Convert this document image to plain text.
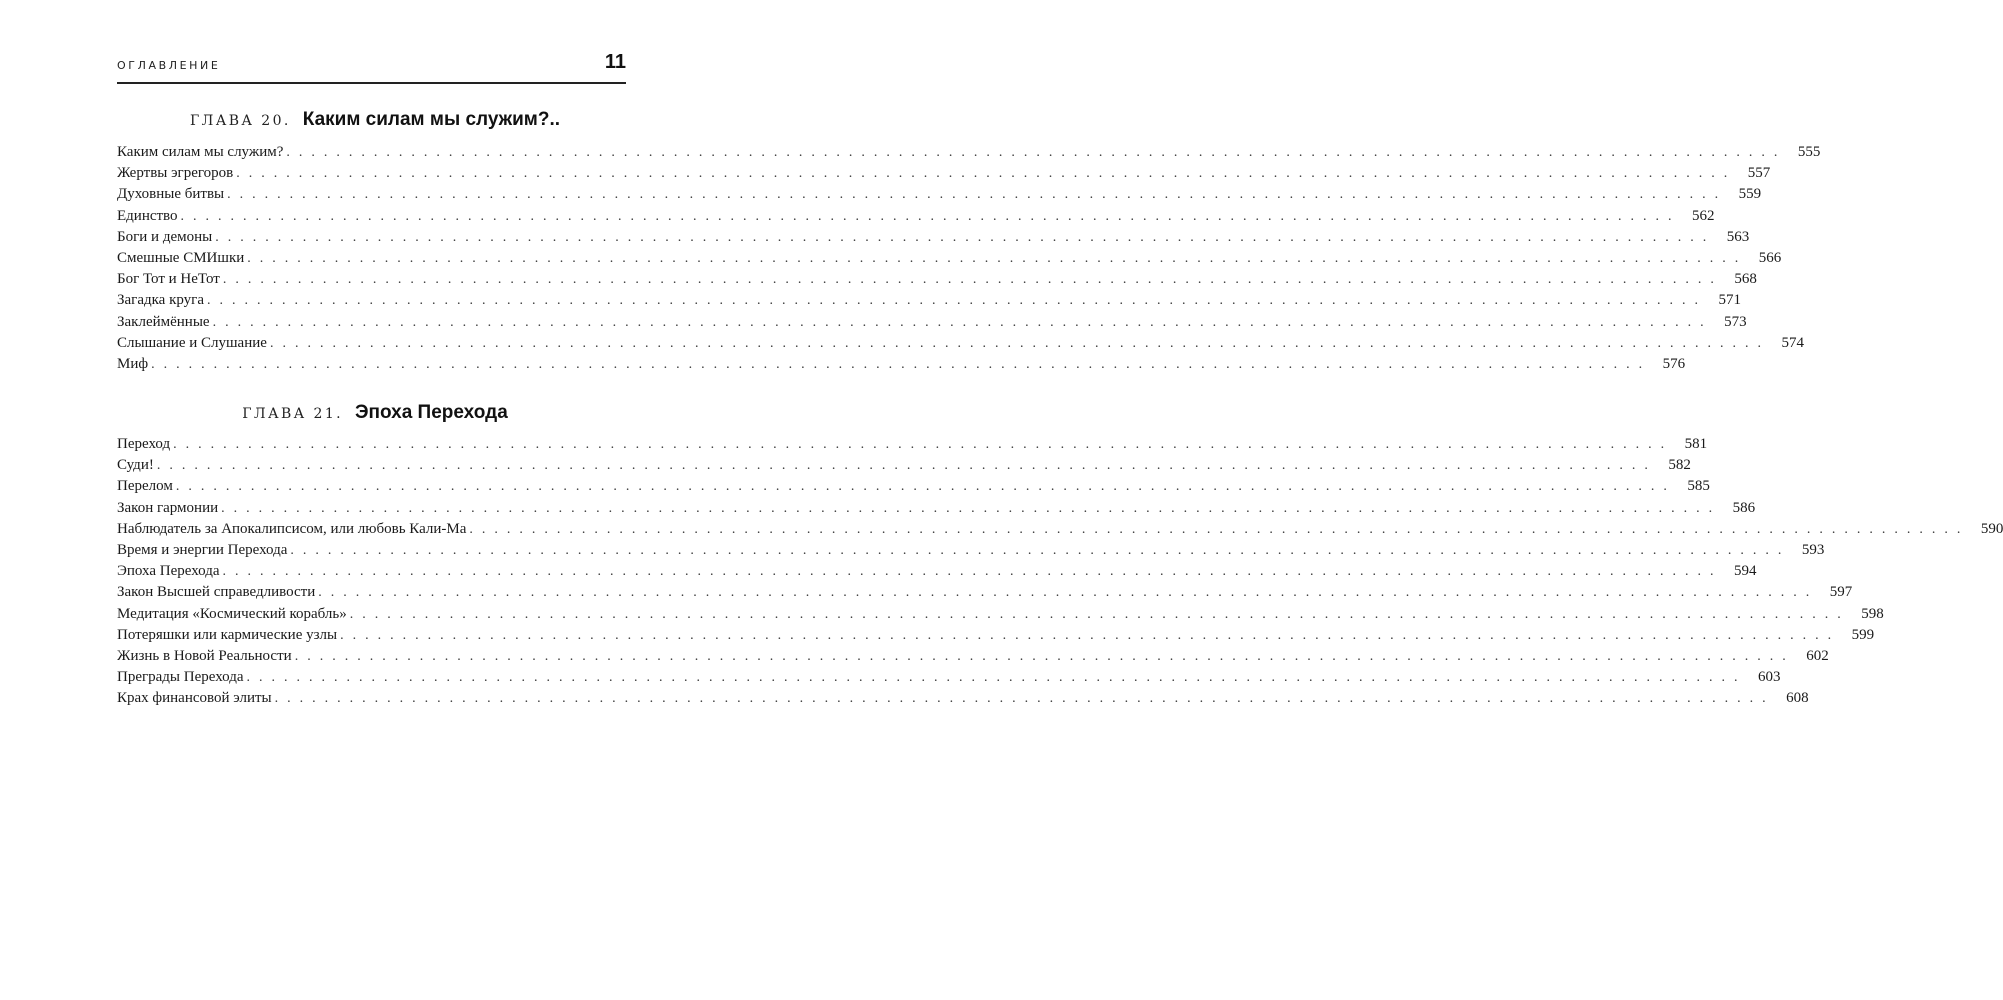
ОГЛАВЛЕНИЕ	11
ГЛАВА 20. Каким силам мы служим?..
Каким силам мы служим? ........................................................................................................................ 555
Жертвы эгрегоров ........................................................................................................................ 557
Духовные битвы ........................................................................................................................ 559
Единство ........................................................................................................................ 562
Боги и демоны ........................................................................................................................ 563
Смешные СМИшки ........................................................................................................................ 566
Бог Тот и НеТот ........................................................................................................................ 568
Загадка круга ........................................................................................................................ 571
Заклеймённые ........................................................................................................................ 573
Слышание и Слушание ........................................................................................................................ 574
Миф ........................................................................................................................ 576
ГЛАВА 21. Эпоха Перехода
Переход ........................................................................................................................ 581
Суди! ........................................................................................................................ 582
Перелом ........................................................................................................................ 585
Закон гармонии ........................................................................................................................ 586
Наблюдатель за Апокалипсисом, или любовь Кали-Ма ........................................................................................................................ 590
Время и энергии Перехода ........................................................................................................................ 593
Эпоха Перехода ........................................................................................................................ 594
Закон Высшей справедливости ........................................................................................................................ 597
Медитация «Космический корабль» ........................................................................................................................ 598
Потеряшки или кармические узлы ........................................................................................................................ 599
Жизнь в Новой Реальности ........................................................................................................................ 602
Преграды Перехода ........................................................................................................................ 603
Крах финансовой элиты ........................................................................................................................ 608
